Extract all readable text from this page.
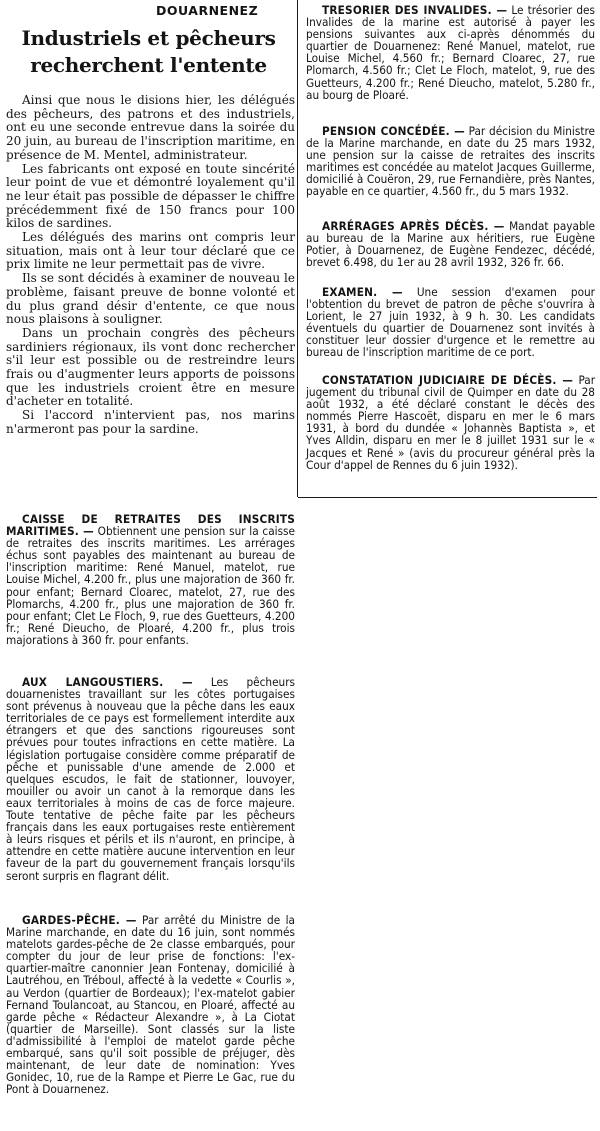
DOUARNENEZ
Industriels et pêcheurs
recherchent l'entente

Ainsi que nous le disions hier, les délégués des pêcheurs, des patrons et des industriels, ont eu une seconde entrevue dans la soirée du 20 juin, au bureau de l'inscription maritime, en présence de M. Mentel, administrateur.

Les fabricants ont exposé en toute sincérité leur point de vue et démontré loyalement qu'il ne leur était pas possible de dépasser le chiffre précédemment fixé de 150 francs pour 100 kilos de sardines.

Les délégués des marins ont compris leur situation, mais ont à leur tour déclaré que ce prix limite ne leur permettait pas de vivre.

Ils se sont décidés à examiner de nouveau le problème, faisant preuve de bonne volonté et du plus grand désir d'entente, ce que nous nous plaisons à souligner.

Dans un prochain congrès des pêcheurs sardiniers régionaux, ils vont donc rechercher s'il leur est possible ou de restreindre leurs frais ou d'augmenter leurs apports de poissons que les industriels croient être en mesure d'acheter en totalité.

Si l'accord n'intervient pas, nos marins n'armeront pas pour la sardine.

CAISSE DE RETRAITES DES INSCRITS MARITIMES. — Obtiennent une pension sur la caisse de retraites des inscrits maritimes. Les arrérages échus sont payables des maintenant au bureau de l'inscription maritime: René Manuel, matelot, rue Louise Michel, 4.200 fr., plus une majoration de 360 fr. pour enfant; Bernard Cloarec, matelot, 27, rue des Plomarchs, 4.200 fr., plus une majoration de 360 fr. pour enfant; Clet Le Floch, 9, rue des Guetteurs, 4.200 fr.; René Dieucho, de Ploaré, 4.200 fr., plus trois majorations à 360 fr. pour enfants.

AUX LANGOUSTIERS. — Les pêcheurs douarnenistes travaillant sur les côtes portugaises sont prévenus à nouveau que la pêche dans les eaux territoriales de ce pays est formellement interdite aux étrangers et que des sanctions rigoureuses sont prévues pour toutes infractions en cette matière. La législation portugaise considère comme préparatif de pêche et punissable d'une amende de 2.000 et quelques escudos, le fait de stationner, louvoyer, mouiller ou avoir un canot à la remorque dans les eaux territoriales à moins de cas de force majeure. Toute tentative de pêche faite par les pêcheurs français dans les eaux portugaises reste entièrement à leurs risques et périls et ils n'auront, en principe, à attendre en cette matière aucune intervention en leur faveur de la part du gouvernement français lorsqu'ils seront surpris en flagrant délit.

GARDES-PÊCHE. — Par arrêté du Ministre de la Marine marchande, en date du 16 juin, sont nommés matelots gardes-pêche de 2e classe embarqués, pour compter du jour de leur prise de fonctions: l'ex-quartier-maître canonnier Jean Fontenay, domicilié à Lautréhou, en Tréboul, affecté à la vedette « Courlis », au Verdon (quartier de Bordeaux); l'ex-matelot gabier Fernand Toulancoat, au Stancou, en Ploaré, affecté au garde pêche « Rédacteur Alexandre », à La Ciotat (quartier de Marseille). Sont classés sur la liste d'admissibilité à l'emploi de matelot garde pêche embarqué, sans qu'il soit possible de préjuger, dès maintenant, de leur date de nomination: Yves Gonidec, 10, rue de la Rampe et Pierre Le Gac, rue du Pont à Douarnenez.

TRESORIER DES INVALIDES. — Le trésorier des Invalides de la marine est autorisé à payer les pensions suivantes aux ci-après dénommés du quartier de Douarnenez: René Manuel, matelot, rue Louise Michel, 4.560 fr.; Bernard Cloarec, 27, rue Plomarch, 4.560 fr.; Clet Le Floch, matelot, 9, rue des Guetteurs, 4.200 fr.; René Dieucho, matelot, 5.280 fr., au bourg de Ploaré.

PENSION CONCÉDÉE. — Par décision du Ministre de la Marine marchande, en date du 25 mars 1932, une pension sur la caisse de retraites des inscrits maritimes est concédée au matelot Jacques Guillerme, domicilié à Couëron, 29, rue Fernandière, près Nantes, payable en ce quartier, 4.560 fr., du 5 mars 1932.

ARRÉRAGES APRÈS DÉCÈS. — Mandat payable au bureau de la Marine aux héritiers, rue Eugène Potier, à Douarnenez, de Eugène Fendezec, décédé, brevet 6.498, du 1er au 28 avril 1932, 326 fr. 66.

EXAMEN. — Une session d'examen pour l'obtention du brevet de patron de pêche s'ouvrira à Lorient, le 27 juin 1932, à 9 h. 30. Les candidats éventuels du quartier de Douarnenez sont invités à constituer leur dossier d'urgence et le remettre au bureau de l'inscription maritime de ce port.

CONSTATATION JUDICIAIRE DE DÉCÈS. — Par jugement du tribunal civil de Quimper en date du 28 août 1932, a été déclaré constant le décès des nommés Pierre Hascoët, disparu en mer le 6 mars 1931, à bord du dundée « Johannès Baptista », et Yves Alldin, disparu en mer le 8 juillet 1931 sur le « Jacques et René » (avis du procureur général près la Cour d'appel de Rennes du 6 juin 1932).
